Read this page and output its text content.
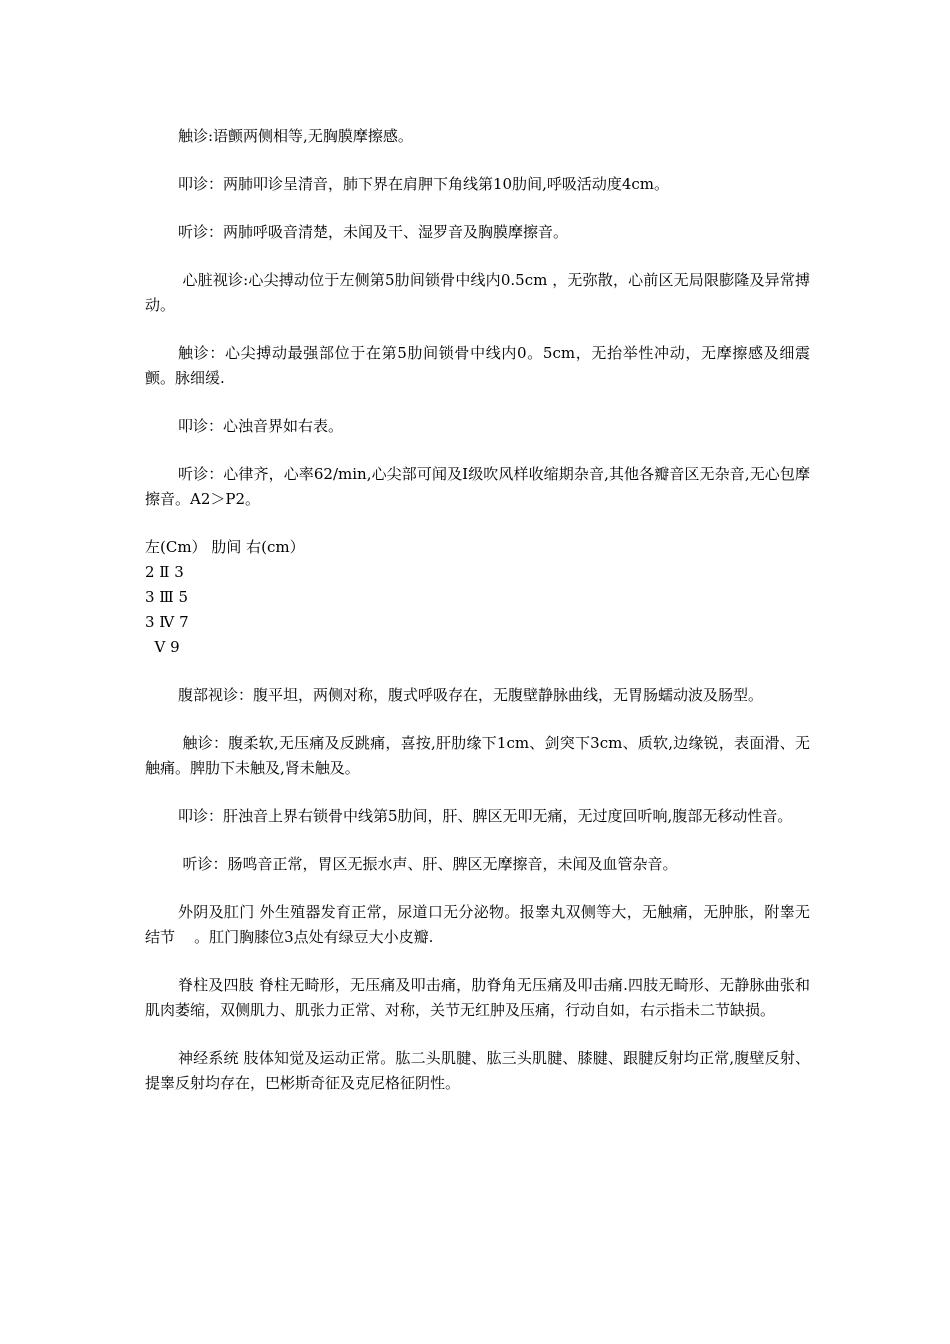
触诊:语颤两侧相等,无胸膜摩擦感。

叩诊：两肺叩诊呈清音，肺下界在肩胛下角线第10肋间,呼吸活动度4cm。

听诊：两肺呼吸音清楚，未闻及干、湿罗音及胸膜摩擦音。

心脏视诊:心尖搏动位于左侧第5肋间锁骨中线内0.5cm ，无弥散，心前区无局限膨隆及异常搏动。

触诊：心尖搏动最强部位于在第5肋间锁骨中线内0。5cm，无抬举性冲动，无摩擦感及细震颤。脉细缓.

叩诊：心浊音界如右表。

听诊：心律齐，心率62/min,心尖部可闻及Ⅰ级吹风样收缩期杂音,其他各瓣音区无杂音,无心包摩擦音。A2＞P2。

左(Cm） 肋间 右(cm）

2 Ⅱ 3

3 Ⅲ 5

3 Ⅳ 7

Ⅴ 9

腹部视诊：腹平坦，两侧对称，腹式呼吸存在，无腹壁静脉曲线，无胃肠蠕动波及肠型。

触诊：腹柔软,无压痛及反跳痛，喜按,肝肋缘下1cm、剑突下3cm、质软,边缘锐，表面滑、无触痛。脾肋下未触及,肾未触及。

叩诊：肝浊音上界右锁骨中线第5肋间，肝、脾区无叩无痛，无过度回听响,腹部无移动性音。

听诊：肠鸣音正常，胃区无振水声、肝、脾区无摩擦音，未闻及血管杂音。

外阴及肛门 外生殖器发育正常，尿道口无分泌物。报睾丸双侧等大，无触痛，无肿胀，附睾无结节    。肛门胸膝位3点处有绿豆大小皮瓣.

脊柱及四肢 脊柱无畸形，无压痛及叩击痛，肋脊角无压痛及叩击痛.四肢无畸形、无静脉曲张和肌肉萎缩，双侧肌力、肌张力正常、对称，关节无红肿及压痛，行动自如，右示指未二节缺损。

神经系统 肢体知觉及运动正常。肱二头肌腱、肱三头肌腱、膝腱、跟腱反射均正常,腹壁反射、提睾反射均存在，巴彬斯奇征及克尼格征阴性。
